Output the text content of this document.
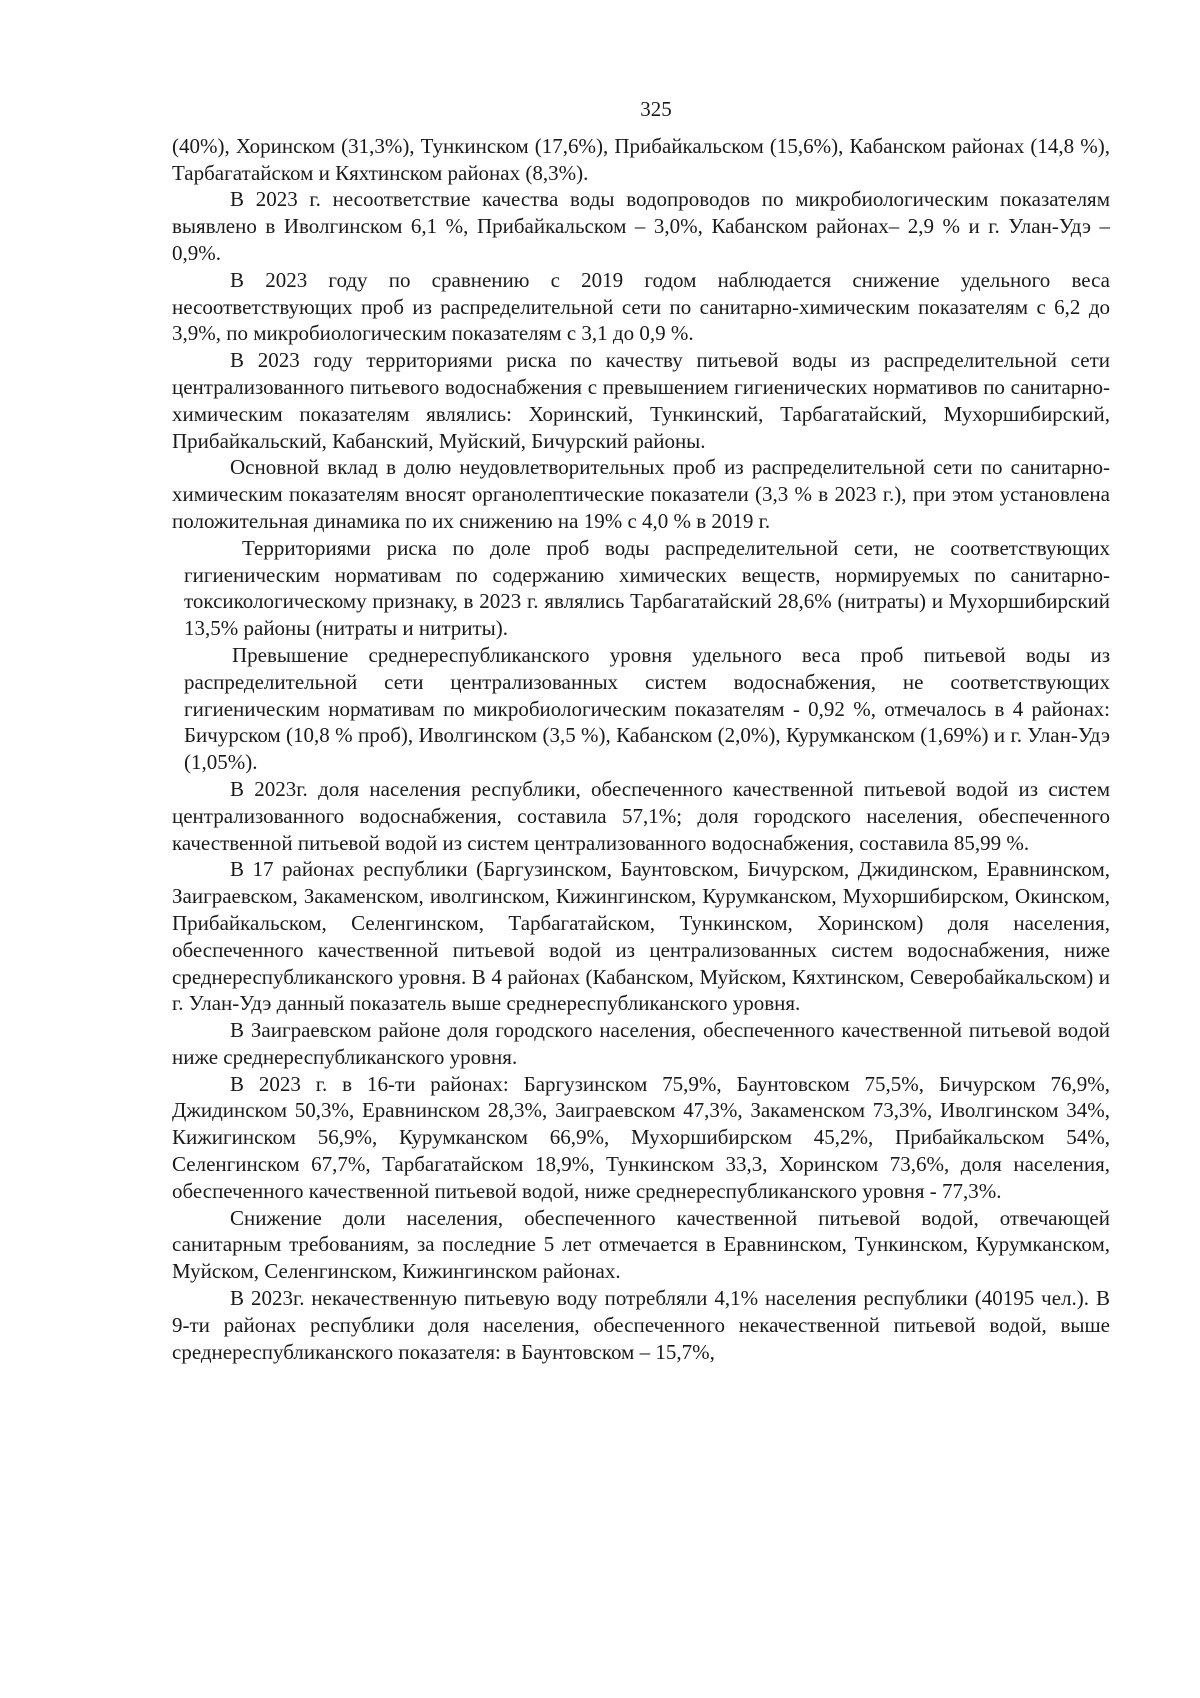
325

(40%), Хоринском (31,3%), Тункинском (17,6%), Прибайкальском (15,6%), Кабанском районах (14,8 %), Тарбагатайском и Кяхтинском районах (8,3%).

В 2023 г. несоответствие качества воды водопроводов по микробиологическим показателям выявлено в Иволгинском 6,1 %, Прибайкальском – 3,0%, Кабанском районах– 2,9 % и г. Улан-Удэ – 0,9%.

В 2023 году по сравнению с 2019 годом наблюдается снижение удельного веса несоответствующих проб из распределительной сети по санитарно-химическим показателям с 6,2 до 3,9%, по микробиологическим показателям с 3,1 до 0,9 %.

В 2023 году территориями риска по качеству питьевой воды из распределительной сети централизованного питьевого водоснабжения с превышением гигиенических нормативов по санитарно-химическим показателям являлись: Хоринский, Тункинский, Тарбагатайский, Мухоршибирский, Прибайкальский, Кабанский, Муйский, Бичурский районы.

Основной вклад в долю неудовлетворительных проб из распределительной сети по санитарно-химическим показателям вносят органолептические показатели (3,3 % в 2023 г.), при этом установлена положительная динамика по их снижению на 19% с 4,0 % в 2019 г.

Территориями риска по доле проб воды распределительной сети, не соответствующих гигиеническим нормативам по содержанию химических веществ, нормируемых по санитарно-токсикологическому признаку, в 2023 г. являлись Тарбагатайский 28,6% (нитраты) и Мухоршибирский 13,5% районы (нитраты и нитриты).

Превышение среднереспубликанского уровня удельного веса проб питьевой воды из распределительной сети централизованных систем водоснабжения, не соответствующих гигиеническим нормативам по микробиологическим показателям - 0,92 %, отмечалось в 4 районах: Бичурском (10,8 % проб), Иволгинском (3,5 %), Кабанском (2,0%), Курумканском (1,69%) и г. Улан-Удэ (1,05%).

В 2023г. доля населения республики, обеспеченного качественной питьевой водой из систем централизованного водоснабжения, составила 57,1%; доля городского населения, обеспеченного качественной питьевой водой из систем централизованного водоснабжения, составила 85,99 %.

В 17 районах республики (Баргузинском, Баунтовском, Бичурском, Джидинском, Еравнинском, Заиграевском, Закаменском, иволгинском, Кижингинском, Курумканском, Мухоршибирском, Окинском, Прибайкальском, Селенгинском, Тарбагатайском, Тункинском, Хоринском) доля населения, обеспеченного качественной питьевой водой из централизованных систем водоснабжения, ниже среднереспубликанского уровня. В 4 районах (Кабанском, Муйском, Кяхтинском, Северобайкальском) и г. Улан-Удэ данный показатель выше среднереспубликанского уровня.

В Заиграевском районе доля городского населения, обеспеченного качественной питьевой водой ниже среднереспубликанского уровня.

В 2023 г. в 16-ти районах: Баргузинском 75,9%, Баунтовском 75,5%, Бичурском 76,9%, Джидинском 50,3%, Еравнинском 28,3%, Заиграевском 47,3%, Закаменском 73,3%, Иволгинском 34%, Кижигинском 56,9%, Курумканском 66,9%, Мухоршибирском 45,2%, Прибайкальском 54%, Селенгинском 67,7%, Тарбагатайском 18,9%, Тункинском 33,3, Хоринском 73,6%, доля населения, обеспеченного качественной питьевой водой, ниже среднереспубликанского уровня - 77,3%.

Снижение доли населения, обеспеченного качественной питьевой водой, отвечающей санитарным требованиям, за последние 5 лет отмечается в Еравнинском, Тункинском, Курумканском, Муйском, Селенгинском, Кижингинском районах.

В 2023г. некачественную питьевую воду потребляли 4,1% населения республики (40195 чел.). В 9-ти районах республики доля населения, обеспеченного некачественной питьевой водой, выше среднереспубликанского показателя: в Баунтовском – 15,7%,
